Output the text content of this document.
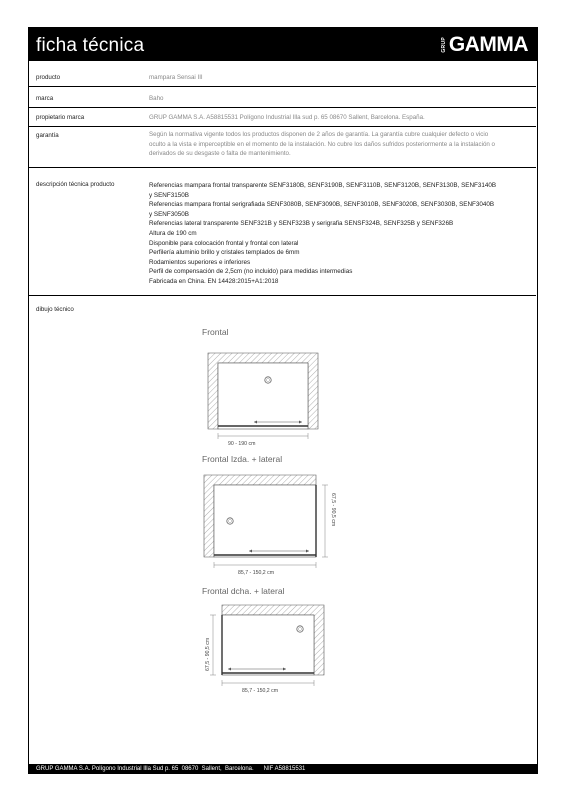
ficha técnica	GRUP GAMMA
producto	mampara Sensai III
marca	Baho
propietario marca	GRUP GAMMA S.A. A58815531 Polígono Industrial Illa sud p. 65 08670 Sallent, Barcelona. España.
garantía	Según la normativa vigente todos los productos disponen de 2 años de garantía. La garantía cubre cualquier defecto o vicio
oculto a la vista e imperceptible en el momento de la instalación. No cubre los daños sufridos posteriormente a la instalación o
derivados de su desgaste o falta de mantenimiento.
descripción técnica producto	Referencias mampara frontal transparente SENF3180B, SENF3190B, SENF3110B, SENF3120B, SENF3130B, SENF3140B
y SENF3150B
Referencias mampara frontal serigrafiada SENF3080B, SENF3090B, SENF3010B, SENF3020B, SENF3030B, SENF3040B
y SENF3050B
Referencias lateral transparente SENF321B y SENF323B y serigrafia SENSF324B, SENF325B y SENF326B
Altura de 190 cm
Disponible para colocación frontal y frontal con lateral
Perfilería aluminio brillo y cristales templados de 6mm
Rodamientos superiores e inferiores
Perfil de compensación de 2,5cm (no incluido) para medidas intermedias
Fabricada en China. EN 14428:2015+A1:2018
dibujo técnico
Frontal
90 - 190 cm
Frontal Izda. + lateral
85,7 - 150,2 cm
67,5 - 90,5 cm
Frontal dcha. + lateral
85,7 - 150,2 cm
67,5 - 90,5 cm
GRUP GAMMA S.A. Polígono Industrial Illa Sud p. 65  08670  Sallent,  Barcelona.      NIF A58815531
